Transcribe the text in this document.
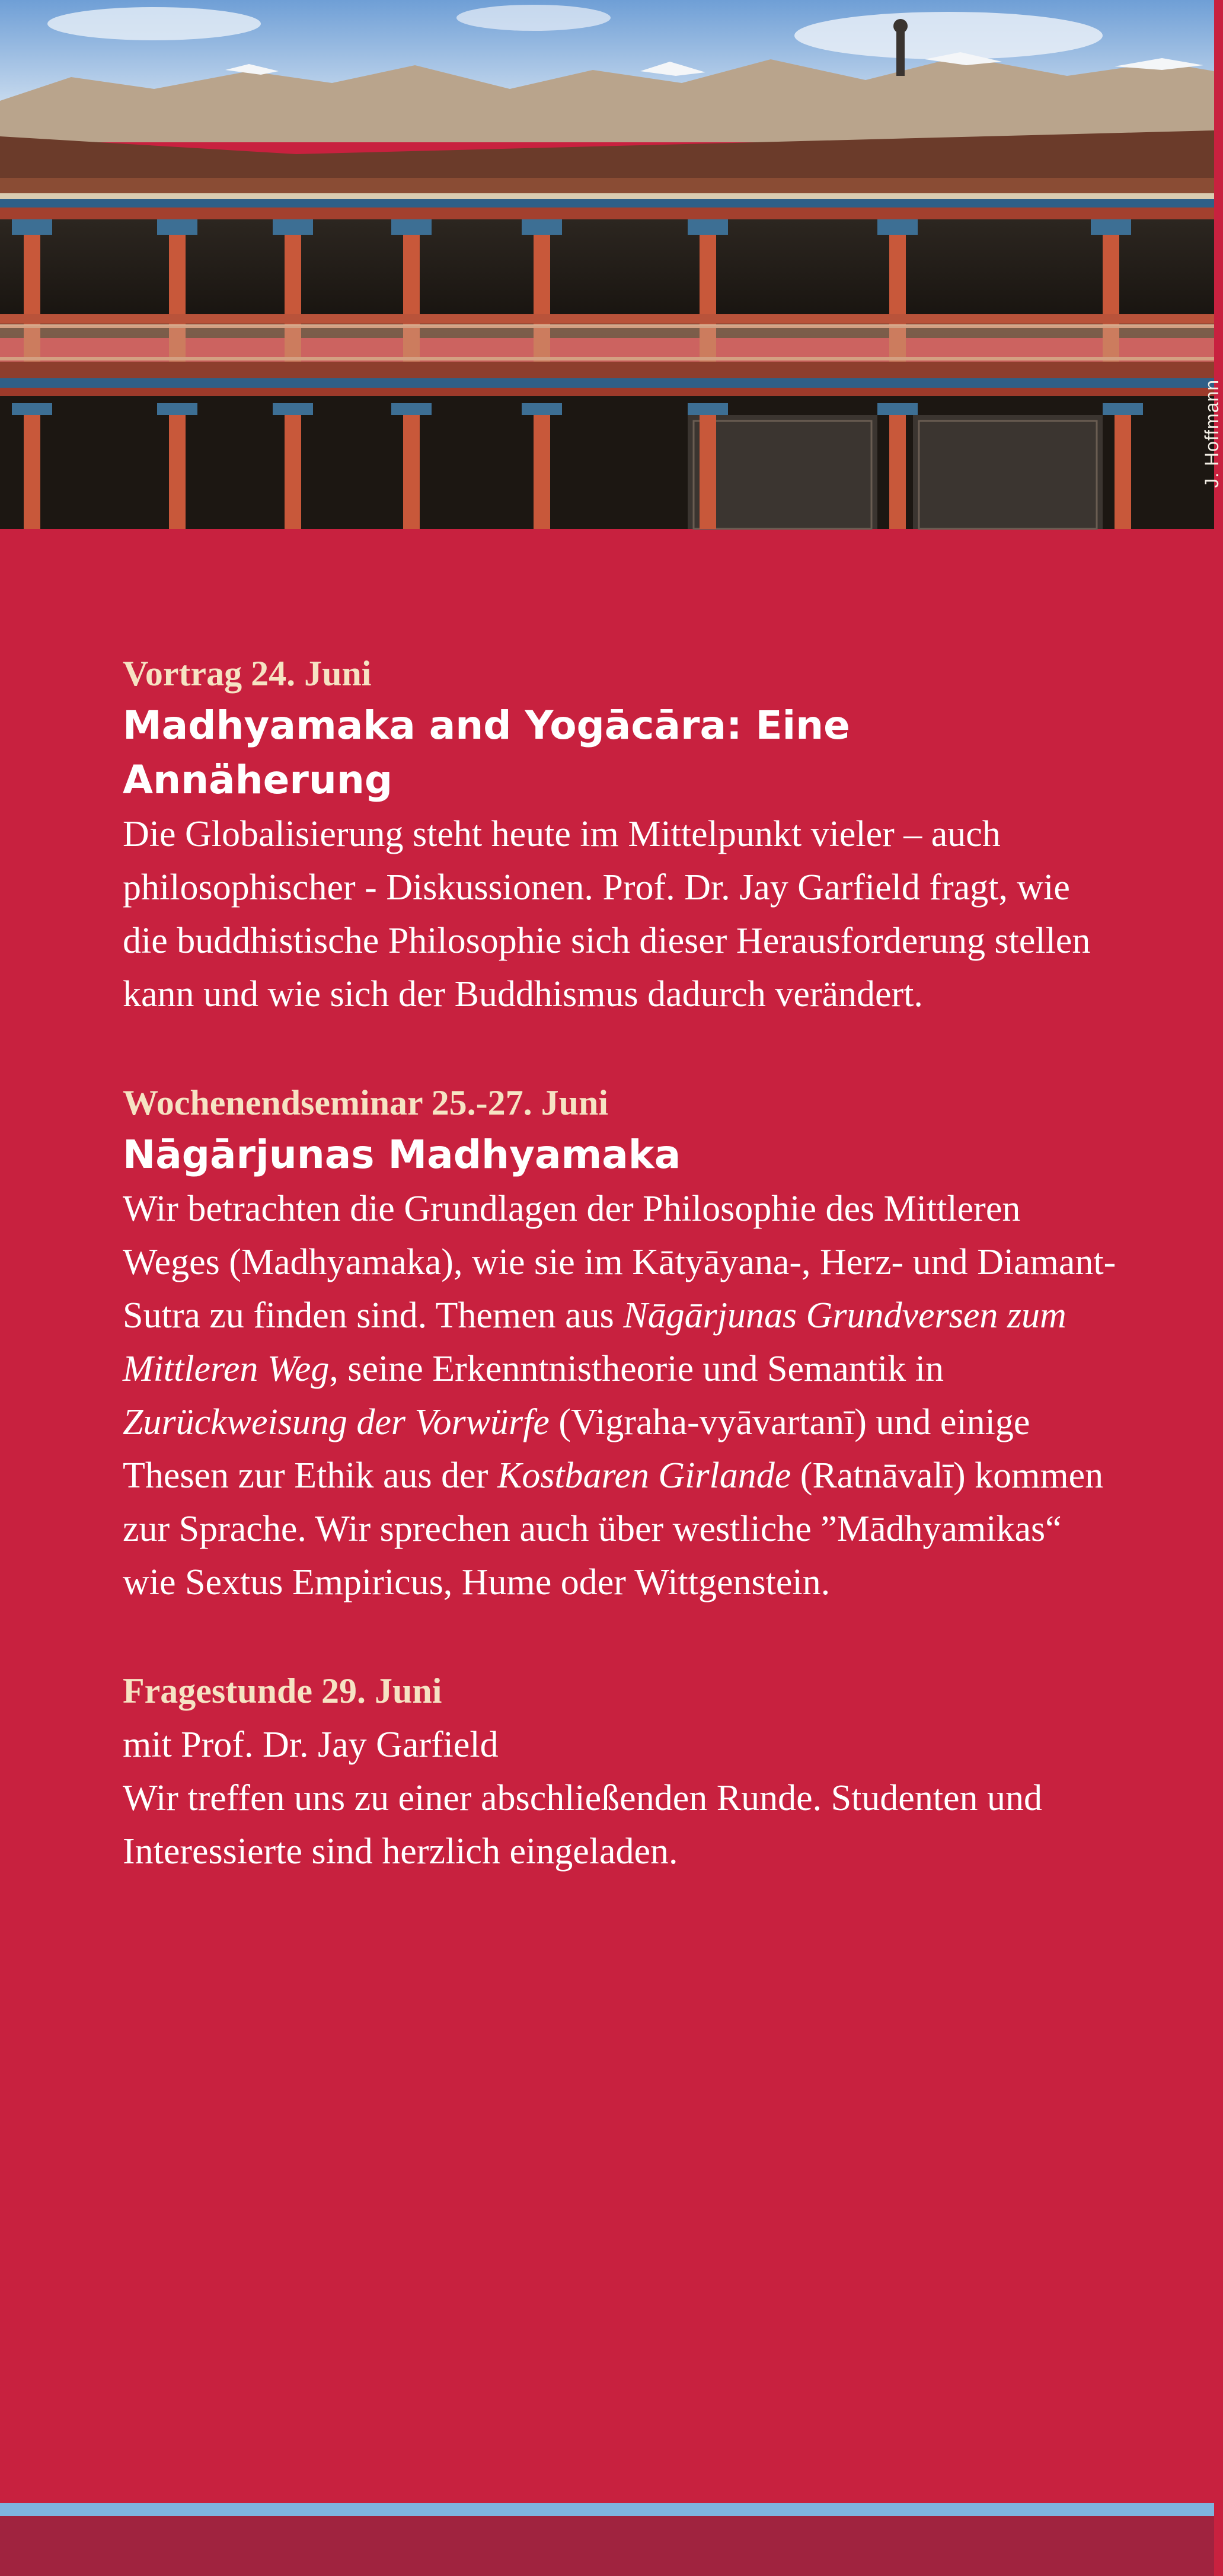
J. Hoffmann
Vortrag 24. Juni
Madhyamaka and Yogācāra: Eine Annäherung

Die Globalisierung steht heute im Mittelpunkt vieler – auch philosophischer - Diskussionen. Prof. Dr. Jay Garfield fragt, wie die buddhistische Philosophie sich dieser Herausforderung stellen kann und wie sich der Buddhismus dadurch verändert.

Wochenendseminar 25.-27. Juni
Nāgārjunas Madhyamaka

Wir betrachten die Grundlagen der Philosophie des Mittleren Weges (Madhyamaka), wie sie im Kātyāyana-, Herz- und Diamant-Sutra zu finden sind. Themen aus Nāgārjunas Grundversen zum Mittleren Weg, seine Erkenntnistheorie und Semantik in Zurückweisung der Vorwürfe (Vigraha-vyāvartanī) und einige Thesen zur Ethik aus der Kostbaren Girlande (Ratnāvalī) kommen zur Sprache. Wir sprechen auch über westliche ”Mādhyamikas“ wie Sextus Empiricus, Hume oder Wittgenstein.

Fragestunde 29. Juni

mit Prof. Dr. Jay Garfield

Wir treffen uns zu einer abschließenden Runde. Studenten und Interessierte sind herzlich eingeladen.
